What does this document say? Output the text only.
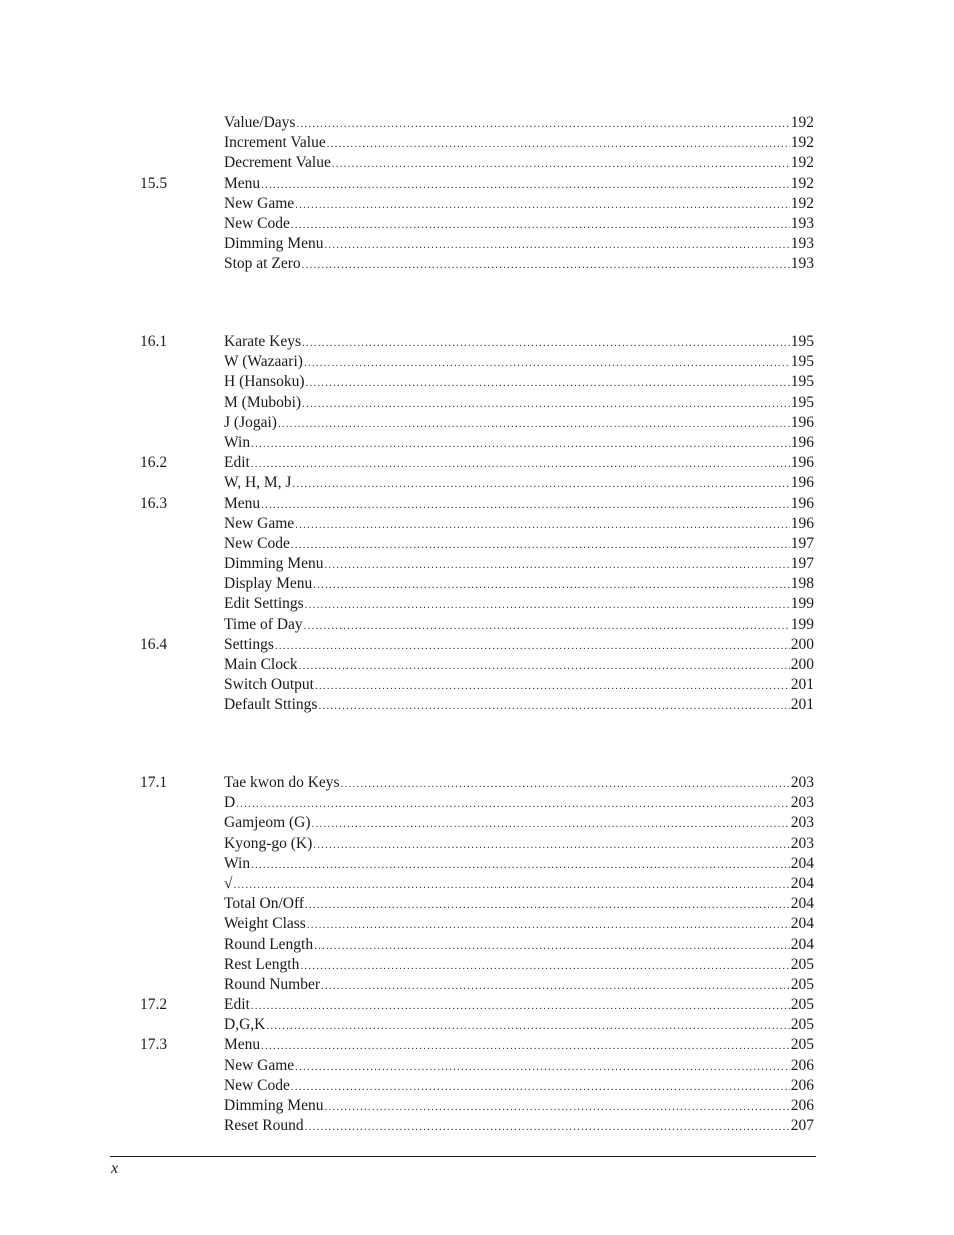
Value/Days .....	192
Increment Value .....	192
Decrement Value .....	192
15.5	Menu .....	192
New Game .....	192
New Code .....	193
Dimming Menu .....	193
Stop at Zero .....	193
16.1	Karate Keys .....	195
W (Wazaari) .....	195
H (Hansoku) .....	195
M (Mubobi) .....	195
J (Jogai) .....	196
Win .....	196
16.2	Edit .....	196
W, H, M, J .....	196
16.3	Menu .....	196
New Game .....	196
New Code .....	197
Dimming Menu .....	197
Display Menu .....	198
Edit Settings .....	199
Time of Day .....	199
16.4	Settings .....	200
Main Clock .....	200
Switch Output .....	201
Default Sttings .....	201
17.1	Tae kwon do Keys .....	203
D .....	203
Gamjeom (G) .....	203
Kyong-go (K) .....	203
Win .....	204
√ .....	204
Total On/Off .....	204
Weight Class .....	204
Round Length .....	204
Rest Length .....	205
Round Number .....	205
17.2	Edit .....	205
D,G,K .....	205
17.3	Menu .....	205
New Game .....	206
New Code .....	206
Dimming Menu .....	206
Reset Round .....	207
x
